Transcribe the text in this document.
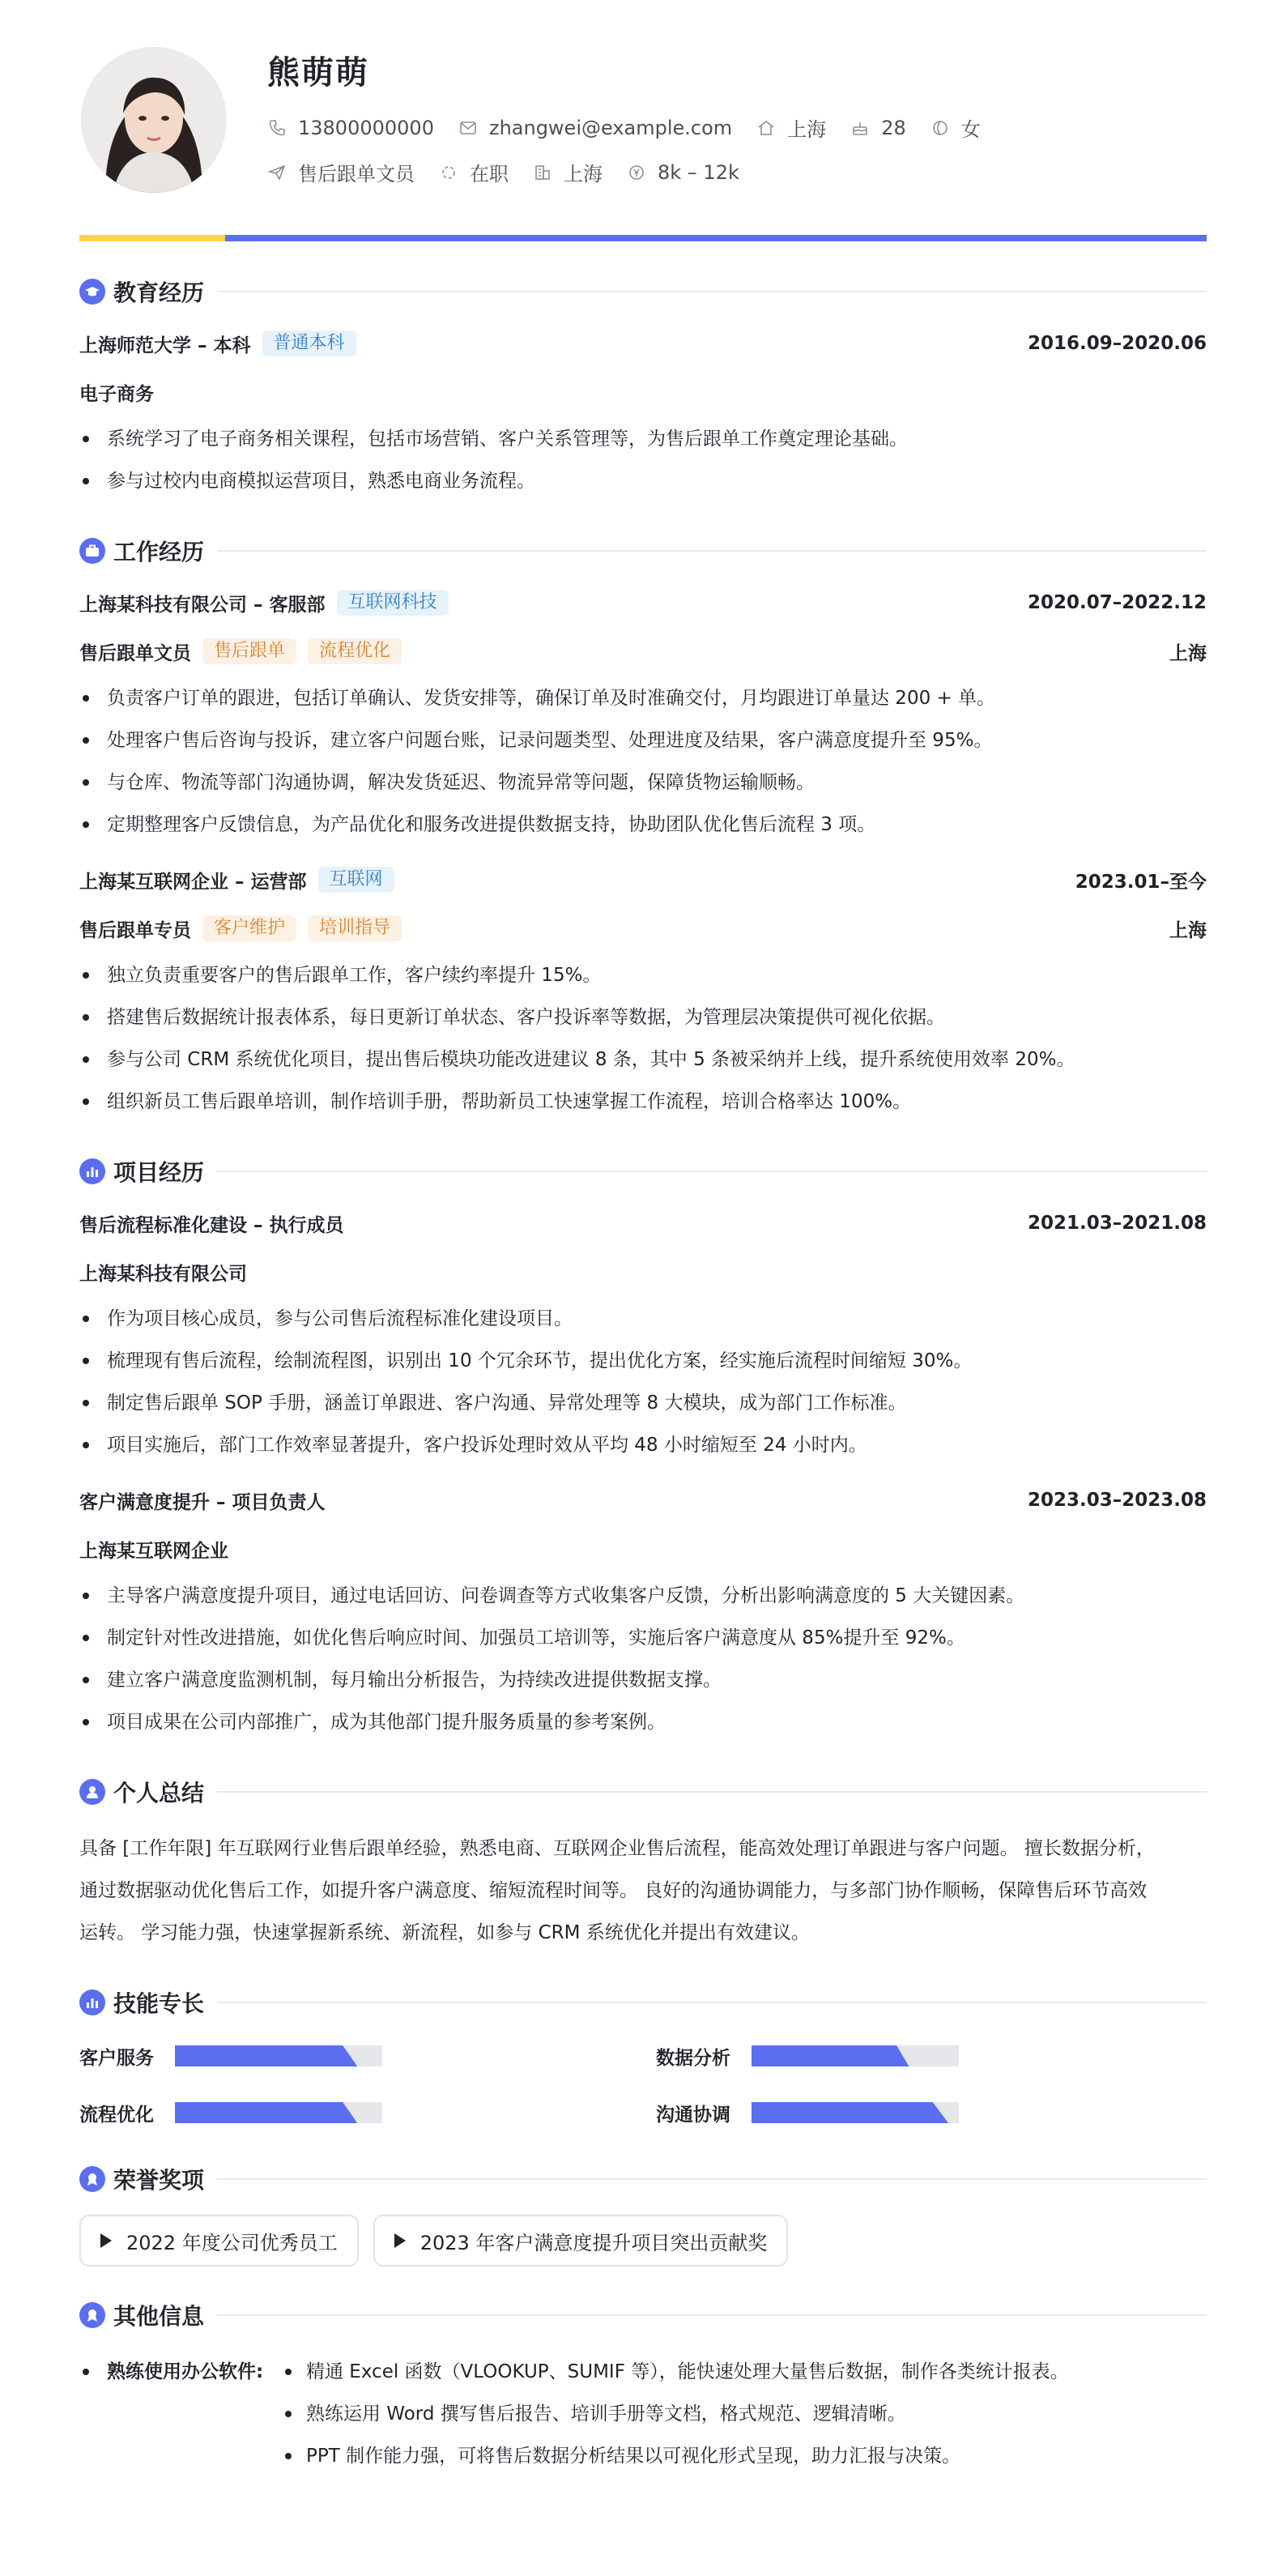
熊萌萌
13800000000	zhangwei@example.com	上海	28	女
售后跟单文员	在职	上海	8k – 12k
教育经历
上海师范大学 – 本科	普通本科	2016.09–2020.06
电子商务
系统学习了电子商务相关课程，包括市场营销、客户关系管理等，为售后跟单工作奠定理论基础。
参与过校内电商模拟运营项目，熟悉电商业务流程。
工作经历
上海某科技有限公司 – 客服部	互联网科技	2020.07–2022.12
售后跟单文员	售后跟单	流程优化	上海
负责客户订单的跟进，包括订单确认、发货安排等，确保订单及时准确交付，月均跟进订单量达 200 + 单。
处理客户售后咨询与投诉，建立客户问题台账，记录问题类型、处理进度及结果，客户满意度提升至 95%。
与仓库、物流等部门沟通协调，解决发货延迟、物流异常等问题，保障货物运输顺畅。
定期整理客户反馈信息，为产品优化和服务改进提供数据支持，协助团队优化售后流程 3 项。
上海某互联网企业 – 运营部	互联网	2023.01–至今
售后跟单专员	客户维护	培训指导	上海
独立负责重要客户的售后跟单工作，客户续约率提升 15%。
搭建售后数据统计报表体系，每日更新订单状态、客户投诉率等数据，为管理层决策提供可视化依据。
参与公司 CRM 系统优化项目，提出售后模块功能改进建议 8 条，其中 5 条被采纳并上线，提升系统使用效率 20%。
组织新员工售后跟单培训，制作培训手册，帮助新员工快速掌握工作流程，培训合格率达 100%。
项目经历
售后流程标准化建设 – 执行成员	2021.03–2021.08
上海某科技有限公司
作为项目核心成员，参与公司售后流程标准化建设项目。
梳理现有售后流程，绘制流程图，识别出 10 个冗余环节，提出优化方案，经实施后流程时间缩短 30%。
制定售后跟单 SOP 手册，涵盖订单跟进、客户沟通、异常处理等 8 大模块，成为部门工作标准。
项目实施后，部门工作效率显著提升，客户投诉处理时效从平均 48 小时缩短至 24 小时内。
客户满意度提升 – 项目负责人	2023.03–2023.08
上海某互联网企业
主导客户满意度提升项目，通过电话回访、问卷调查等方式收集客户反馈，分析出影响满意度的 5 大关键因素。
制定针对性改进措施，如优化售后响应时间、加强员工培训等，实施后客户满意度从 85%提升至 92%。
建立客户满意度监测机制，每月输出分析报告，为持续改进提供数据支撑。
项目成果在公司内部推广，成为其他部门提升服务质量的参考案例。
个人总结
具备 [工作年限] 年互联网行业售后跟单经验，熟悉电商、互联网企业售后流程，能高效处理订单跟进与客户问题。 擅长数据分析，
通过数据驱动优化售后工作，如提升客户满意度、缩短流程时间等。 良好的沟通协调能力，与多部门协作顺畅，保障售后环节高效
运转。 学习能力强，快速掌握新系统、新流程，如参与 CRM 系统优化并提出有效建议。
技能专长
客户服务	数据分析
流程优化	沟通协调
荣誉奖项
2022 年度公司优秀员工	2023 年客户满意度提升项目突出贡献奖
其他信息
熟练使用办公软件:	精通 Excel 函数（VLOOKUP、SUMIF 等），能快速处理大量售后数据，制作各类统计报表。
熟练运用 Word 撰写售后报告、培训手册等文档，格式规范、逻辑清晰。
PPT 制作能力强，可将售后数据分析结果以可视化形式呈现，助力汇报与决策。
